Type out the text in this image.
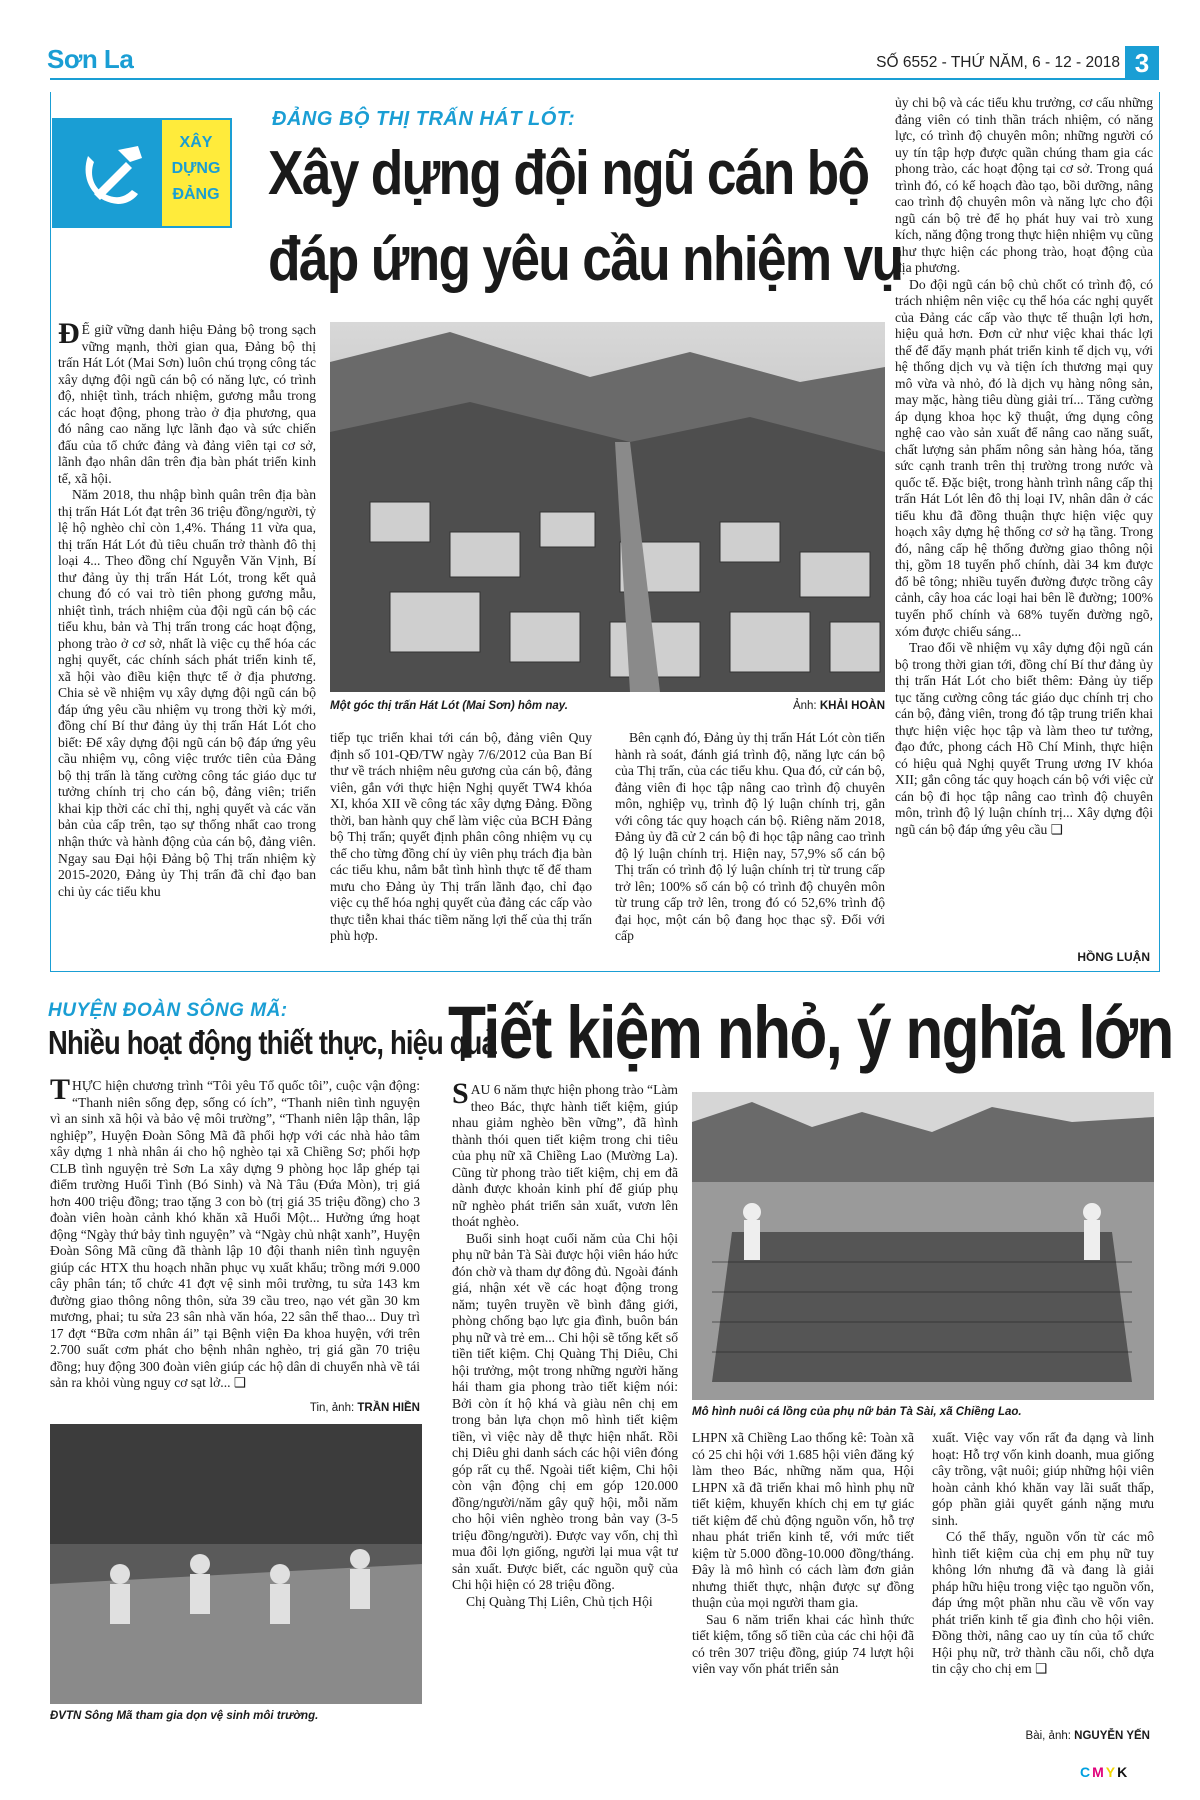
Sơn La	SỐ 6552 - THỨ NĂM, 6 - 12 - 2018 3
XÂY
DỰNG
ĐẢNG
ĐẢNG BỘ THỊ TRẤN HÁT LÓT:
Xây dựng đội ngũ cán bộ
đáp ứng yêu cầu nhiệm vụ
Đ Ể giữ vững danh hiệu Đảng bộ trong sạch vững mạnh, thời gian qua, Đảng bộ thị trấn Hát Lót (Mai Sơn) luôn chú trọng công tác xây dựng đội ngũ cán bộ có năng lực, có trình độ, nhiệt tình, trách nhiệm, gương mẫu trong các hoạt động, phong trào ở địa phương, qua đó nâng cao năng lực lãnh đạo và sức chiến đấu của tổ chức đảng và đảng viên tại cơ sở, lãnh đạo nhân dân trên địa bàn phát triển kinh tế, xã hội.

Năm 2018, thu nhập bình quân trên địa bàn thị trấn Hát Lót đạt trên 36 triệu đồng/người, tỷ lệ hộ nghèo chỉ còn 1,4%. Tháng 11 vừa qua, thị trấn Hát Lót đủ tiêu chuẩn trở thành đô thị loại 4... Theo đồng chí Nguyễn Văn Vịnh, Bí thư đảng ủy thị trấn Hát Lót, trong kết quả chung đó có vai trò tiên phong gương mẫu, nhiệt tình, trách nhiệm của đội ngũ cán bộ các tiểu khu, bản và Thị trấn trong các hoạt động, phong trào ở cơ sở, nhất là việc cụ thể hóa các nghị quyết, các chính sách phát triển kinh tế, xã hội vào điều kiện thực tế ở địa phương. Chia sẻ về nhiệm vụ xây dựng đội ngũ cán bộ đáp ứng yêu cầu nhiệm vụ trong thời kỳ mới, đồng chí Bí thư đảng ủy thị trấn Hát Lót cho biết: Để xây dựng đội ngũ cán bộ đáp ứng yêu cầu nhiệm vụ, công việc trước tiên của Đảng bộ thị trấn là tăng cường công tác giáo dục tư tưởng chính trị cho cán bộ, đảng viên; triển khai kịp thời các chỉ thị, nghị quyết và các văn bản của cấp trên, tạo sự thống nhất cao trong nhận thức và hành động của cán bộ, đảng viên. Ngay sau Đại hội Đảng bộ Thị trấn nhiệm kỳ 2015-2020, Đảng ủy Thị trấn đã chỉ đạo ban chi ủy các tiểu khu

Một góc thị trấn Hát Lót (Mai Sơn) hôm nay.	Ảnh: KHẢI HOÀN
tiếp tục triển khai tới cán bộ, đảng viên Quy định số 101-QĐ/TW ngày 7/6/2012 của Ban Bí thư về trách nhiệm nêu gương của cán bộ, đảng viên, gắn với thực hiện Nghị quyết TW4 khóa XI, khóa XII về công tác xây dựng Đảng. Đồng thời, ban hành quy chế làm việc của BCH Đảng bộ Thị trấn; quyết định phân công nhiệm vụ cụ thể cho từng đồng chí ủy viên phụ trách địa bàn các tiểu khu, nắm bắt tình hình thực tế để tham mưu cho Đảng ủy Thị trấn lãnh đạo, chỉ đạo việc cụ thể hóa nghị quyết của đảng các cấp vào thực tiễn khai thác tiềm năng lợi thế của thị trấn phù hợp.

Bên cạnh đó, Đảng ủy thị trấn Hát Lót còn tiến hành rà soát, đánh giá trình độ, năng lực cán bộ của Thị trấn, của các tiểu khu. Qua đó, cử cán bộ, đảng viên đi học tập nâng cao trình độ chuyên môn, nghiệp vụ, trình độ lý luận chính trị, gắn với công tác quy hoạch cán bộ. Riêng năm 2018, Đảng ủy đã cử 2 cán bộ đi học tập nâng cao trình độ lý luận chính trị. Hiện nay, 57,9% số cán bộ Thị trấn có trình độ lý luận chính trị từ trung cấp trở lên; 100% số cán bộ có trình độ chuyên môn từ trung cấp trở lên, trong đó có 52,6% trình độ đại học, một cán bộ đang học thạc sỹ. Đối với cấp

ủy chi bộ và các tiểu khu trưởng, cơ cấu những đảng viên có tinh thần trách nhiệm, có năng lực, có trình độ chuyên môn; những người có uy tín tập hợp được quần chúng tham gia các phong trào, các hoạt động tại cơ sở. Trong quá trình đó, có kế hoạch đào tạo, bồi dưỡng, nâng cao trình độ chuyên môn và năng lực cho đội ngũ cán bộ trẻ để họ phát huy vai trò xung kích, năng động trong thực hiện nhiệm vụ cũng như thực hiện các phong trào, hoạt động của địa phương.

Do đội ngũ cán bộ chủ chốt có trình độ, có trách nhiệm nên việc cụ thể hóa các nghị quyết của Đảng các cấp vào thực tế thuận lợi hơn, hiệu quả hơn. Đơn cử như việc khai thác lợi thế để đẩy mạnh phát triển kinh tế dịch vụ, với hệ thống dịch vụ và tiện ích thương mại quy mô vừa và nhỏ, đó là dịch vụ hàng nông sản, may mặc, hàng tiêu dùng giải trí... Tăng cường áp dụng khoa học kỹ thuật, ứng dụng công nghệ cao vào sản xuất để nâng cao năng suất, chất lượng sản phẩm nông sản hàng hóa, tăng sức cạnh tranh trên thị trường trong nước và quốc tế. Đặc biệt, trong hành trình nâng cấp thị trấn Hát Lót lên đô thị loại IV, nhân dân ở các tiểu khu đã đồng thuận thực hiện việc quy hoạch xây dựng hệ thống cơ sở hạ tầng. Trong đó, nâng cấp hệ thống đường giao thông nội thị, gồm 18 tuyến phố chính, dài 34 km được đổ bê tông; nhiều tuyến đường được trồng cây cảnh, cây hoa các loại hai bên lề đường; 100% tuyến phố chính và 68% tuyến đường ngõ, xóm được chiếu sáng...

Trao đổi về nhiệm vụ xây dựng đội ngũ cán bộ trong thời gian tới, đồng chí Bí thư đảng ủy thị trấn Hát Lót cho biết thêm: Đảng ủy tiếp tục tăng cường công tác giáo dục chính trị cho cán bộ, đảng viên, trong đó tập trung triển khai thực hiện việc học tập và làm theo tư tưởng, đạo đức, phong cách Hồ Chí Minh, thực hiện có hiệu quả Nghị quyết Trung ương IV khóa XII; gắn công tác quy hoạch cán bộ với việc cử cán bộ đi học tập nâng cao trình độ chuyên môn, trình độ lý luận chính trị... Xây dựng đội ngũ cán bộ đáp ứng yêu cầu ❑

HỒNG LUẬN
HUYỆN ĐOÀN SÔNG MÃ:
Nhiều hoạt động thiết thực, hiệu quả
THỰC hiện chương trình “Tôi yêu Tổ quốc tôi”, cuộc vận động: “Thanh niên sống đẹp, sống có ích”, “Thanh niên tình nguyện vì an sinh xã hội và bảo vệ môi trường”, “Thanh niên lập thân, lập nghiệp”, Huyện Đoàn Sông Mã đã phối hợp với các nhà hảo tâm xây dựng 1 nhà nhân ái cho hộ nghèo tại xã Chiềng Sơ; phối hợp CLB tình nguyện trẻ Sơn La xây dựng 9 phòng học lắp ghép tại điểm trường Huổi Tình (Bó Sinh) và Nà Tâu (Đứa Mòn), trị giá hơn 400 triệu đồng; trao tặng 3 con bò (trị giá 35 triệu đồng) cho 3 đoàn viên hoàn cảnh khó khăn xã Huổi Một... Hưởng ứng hoạt động “Ngày thứ bảy tình nguyện” và “Ngày chủ nhật xanh”, Huyện Đoàn Sông Mã cũng đã thành lập 10 đội thanh niên tình nguyện giúp các HTX thu hoạch nhãn phục vụ xuất khẩu; trồng mới 9.000 cây phân tán; tổ chức 41 đợt vệ sinh môi trường, tu sửa 143 km đường giao thông nông thôn, sửa 39 cầu treo, nạo vét gần 30 km mương, phai; tu sửa 23 sân nhà văn hóa, 22 sân thể thao... Duy trì 17 đợt “Bữa cơm nhân ái” tại Bệnh viện Đa khoa huyện, với trên 2.700 suất cơm phát cho bệnh nhân nghèo, trị giá gần 70 triệu đồng; huy động 300 đoàn viên giúp các hộ dân di chuyển nhà về tái sản ra khỏi vùng nguy cơ sạt lở... ❑
Tin, ảnh: TRẦN HIỀN
ĐVTN Sông Mã tham gia dọn vệ sinh môi trường.
Tiết kiệm nhỏ, ý nghĩa lớn
SAU 6 năm thực hiện phong trào “Làm theo Bác, thực hành tiết kiệm, giúp nhau giảm nghèo bền vững”, đã hình thành thói quen tiết kiệm trong chi tiêu của phụ nữ xã Chiềng Lao (Mường La). Cũng từ phong trào tiết kiệm, chị em đã dành được khoản kinh phí để giúp phụ nữ nghèo phát triển sản xuất, vươn lên thoát nghèo.

Buổi sinh hoạt cuối năm của Chi hội phụ nữ bản Tà Sài được hội viên háo hức đón chờ và tham dự đông đủ. Ngoài đánh giá, nhận xét về các hoạt động trong năm; tuyên truyền về bình đẳng giới, phòng chống bạo lực gia đình, buôn bán phụ nữ và trẻ em... Chi hội sẽ tổng kết số tiền tiết kiệm. Chị Quàng Thị Diêu, Chi hội trưởng, một trong những người hăng hái tham gia phong trào tiết kiệm nói: Bởi còn ít hộ khá và giàu nên chị em trong bản lựa chọn mô hình tiết kiệm tiền, vì việc này dễ thực hiện nhất. Rồi chị Diêu ghi danh sách các hội viên đóng góp rất cụ thể. Ngoài tiết kiệm, Chi hội còn vận động chị em góp 120.000 đồng/người/năm gây quỹ hội, mỗi năm cho hội viên nghèo trong bản vay (3-5 triệu đồng/người). Được vay vốn, chị thì mua đôi lợn giống, người lại mua vật tư sản xuất. Được biết, các nguồn quỹ của Chi hội hiện có 28 triệu đồng.

Chị Quàng Thị Liên, Chủ tịch Hội

Mô hình nuôi cá lồng của phụ nữ bản Tà Sài, xã Chiềng Lao.
LHPN xã Chiềng Lao thống kê: Toàn xã có 25 chi hội với 1.685 hội viên đăng ký làm theo Bác, những năm qua, Hội LHPN xã đã triển khai mô hình phụ nữ tiết kiệm, khuyến khích chị em tự giác tiết kiệm để chủ động nguồn vốn, hỗ trợ nhau phát triển kinh tế, với mức tiết kiệm từ 5.000 đồng-10.000 đồng/tháng. Đây là mô hình có cách làm đơn giản nhưng thiết thực, nhận được sự đồng thuận của mọi người tham gia.

Sau 6 năm triển khai các hình thức tiết kiệm, tổng số tiền của các chi hội đã có trên 307 triệu đồng, giúp 74 lượt hội viên vay vốn phát triển sản

xuất. Việc vay vốn rất đa dạng và linh hoạt: Hỗ trợ vốn kinh doanh, mua giống cây trồng, vật nuôi; giúp những hội viên hoàn cảnh khó khăn vay lãi suất thấp, góp phần giải quyết gánh nặng mưu sinh.

Có thể thấy, nguồn vốn từ các mô hình tiết kiệm của chị em phụ nữ tuy không lớn nhưng đã và đang là giải pháp hữu hiệu trong việc tạo nguồn vốn, đáp ứng một phần nhu cầu về vốn vay phát triển kinh tế gia đình cho hội viên. Đồng thời, nâng cao uy tín của tổ chức Hội phụ nữ, trở thành cầu nối, chỗ dựa tin cậy cho chị em ❑

Bài, ảnh: NGUYỄN YẾN
CMYK
